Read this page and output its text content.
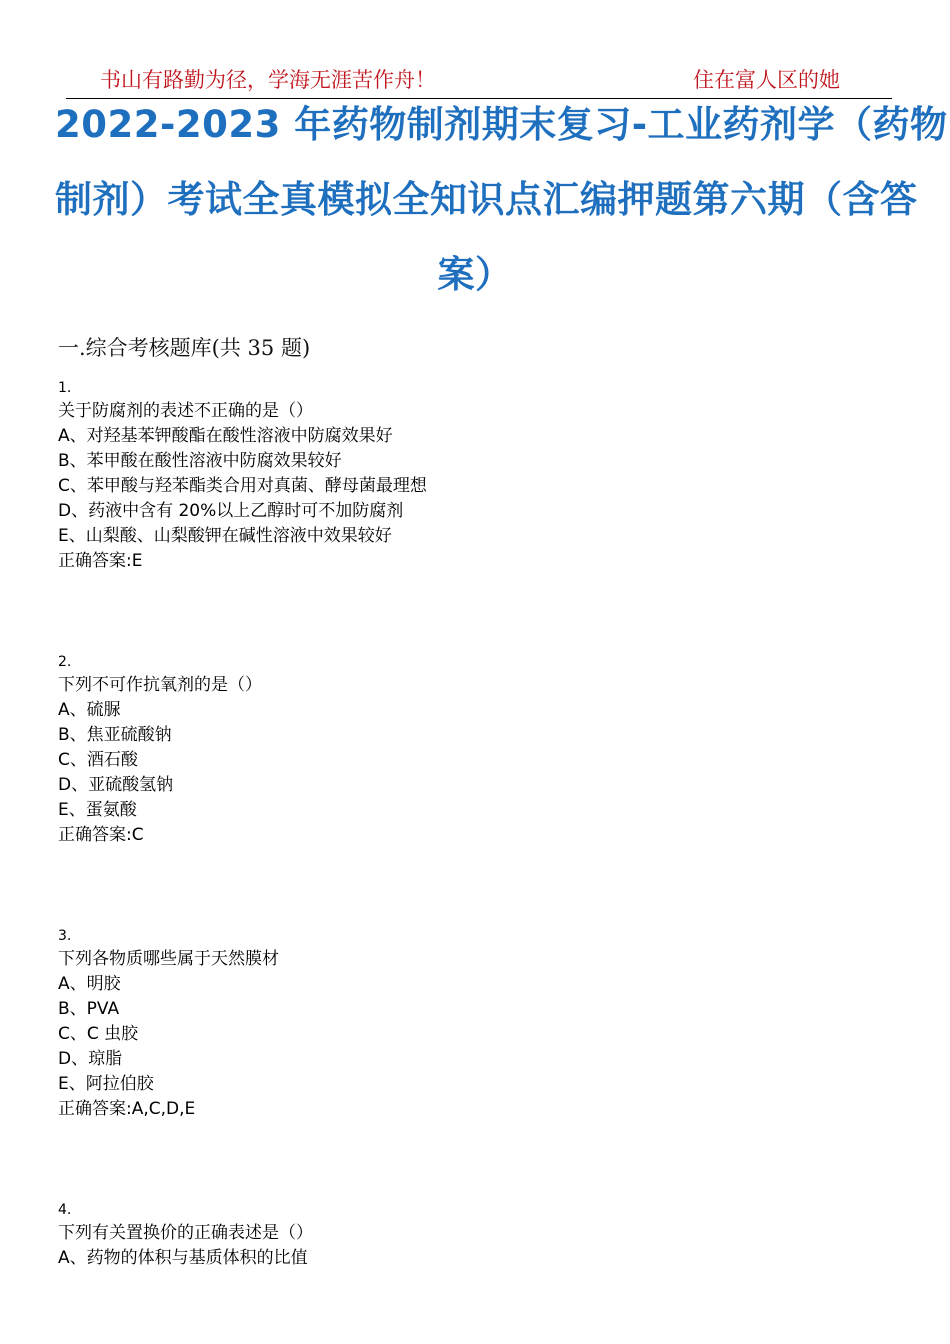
书山有路勤为径，学海无涯苦作舟！	住在富人区的她
2022-2023 年药物制剂期末复习-工业药剂学（药物
制剂）考试全真模拟全知识点汇编押题第六期（含答
案）
一.综合考核题库(共 35 题)
1.
关于防腐剂的表述不正确的是（）
A、对羟基苯钾酸酯在酸性溶液中防腐效果好
B、苯甲酸在酸性溶液中防腐效果较好
C、苯甲酸与羟苯酯类合用对真菌、酵母菌最理想
D、药液中含有 20%以上乙醇时可不加防腐剂
E、山梨酸、山梨酸钾在碱性溶液中效果较好
正确答案:E
2.
下列不可作抗氧剂的是（）
A、硫脲
B、焦亚硫酸钠
C、酒石酸
D、亚硫酸氢钠
E、蛋氨酸
正确答案:C
3.
下列各物质哪些属于天然膜材
A、明胶
B、PVA
C、C 虫胶
D、琼脂
E、阿拉伯胶
正确答案:A,C,D,E
4.
下列有关置换价的正确表述是（）
A、药物的体积与基质体积的比值
